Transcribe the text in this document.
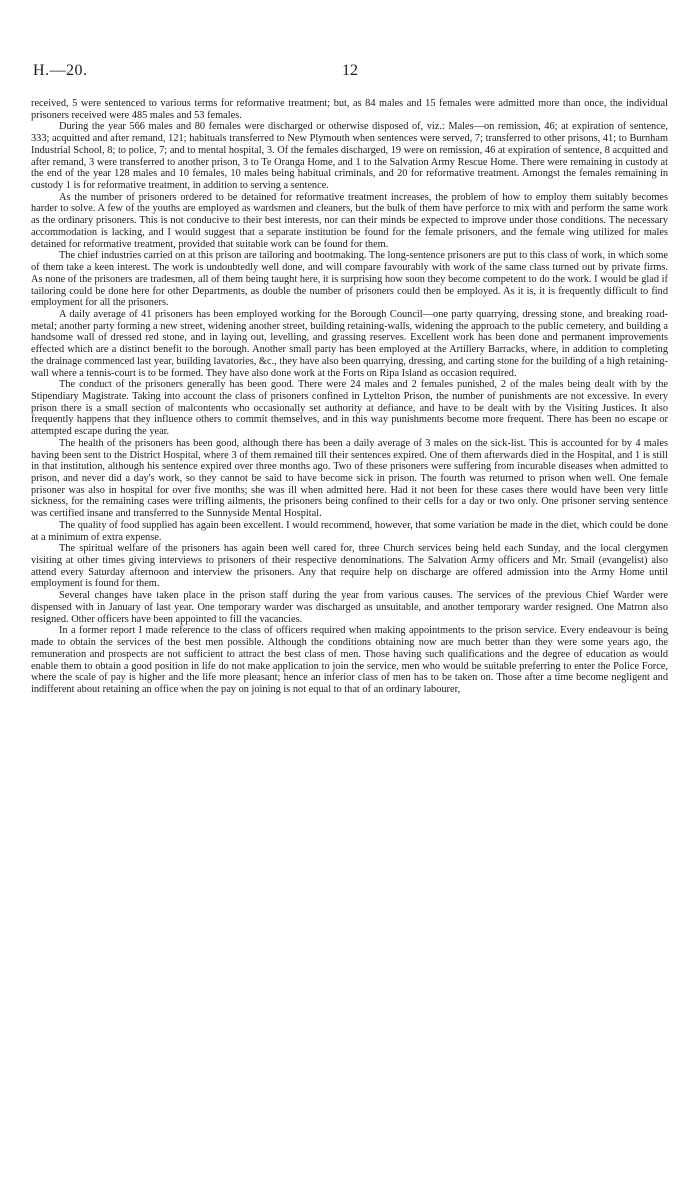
H.—20.	12

received, 5 were sentenced to various terms for reformative treatment; but, as 84 males and 15 females were admitted more than once, the individual prisoners received were 485 males and 53 females.

During the year 566 males and 80 females were discharged or otherwise disposed of, viz.: Males—on remission, 46; at expiration of sentence, 333; acquitted and after remand, 121; habituals transferred to New Plymouth when sentences were served, 7; transferred to other prisons, 41; to Burnham Industrial School, 8; to police, 7; and to mental hospital, 3. Of the females discharged, 19 were on remission, 46 at expiration of sentence, 8 acquitted and after remand, 3 were transferred to another prison, 3 to Te Oranga Home, and 1 to the Salvation Army Rescue Home. There were remaining in custody at the end of the year 128 males and 10 females, 10 males being habitual criminals, and 20 for reformative treatment. Amongst the females remaining in custody 1 is for reformative treatment, in addition to serving a sentence.

As the number of prisoners ordered to be detained for reformative treatment increases, the problem of how to employ them suitably becomes harder to solve. A few of the youths are employed as wardsmen and cleaners, but the bulk of them have perforce to mix with and perform the same work as the ordinary prisoners. This is not conducive to their best interests, nor can their minds be expected to improve under those conditions. The necessary accommodation is lacking, and I would suggest that a separate institution be found for the female prisoners, and the female wing utilized for males detained for reformative treatment, provided that suitable work can be found for them.

The chief industries carried on at this prison are tailoring and bootmaking. The long-sentence prisoners are put to this class of work, in which some of them take a keen interest. The work is undoubtedly well done, and will compare favourably with work of the same class turned out by private firms. As none of the prisoners are tradesmen, all of them being taught here, it is surprising how soon they become competent to do the work. I would be glad if tailoring could be done here for other Departments, as double the number of prisoners could then be employed. As it is, it is frequently difficult to find employment for all the prisoners.

A daily average of 41 prisoners has been employed working for the Borough Council—one party quarrying, dressing stone, and breaking road-metal; another party forming a new street, widening another street, building retaining-walls, widening the approach to the public cemetery, and building a handsome wall of dressed red stone, and in laying out, levelling, and grassing reserves. Excellent work has been done and permanent improvements effected which are a distinct benefit to the borough. Another small party has been employed at the Artillery Barracks, where, in addition to completing the drainage commenced last year, building lavatories, &c., they have also been quarrying, dressing, and carting stone for the building of a high retaining-wall where a tennis-court is to be formed. They have also done work at the Forts on Ripa Island as occasion required.

The conduct of the prisoners generally has been good. There were 24 males and 2 females punished, 2 of the males being dealt with by the Stipendiary Magistrate. Taking into account the class of prisoners confined in Lyttelton Prison, the number of punishments are not excessive. In every prison there is a small section of malcontents who occasionally set authority at defiance, and have to be dealt with by the Visiting Justices. It also frequently happens that they influence others to commit themselves, and in this way punishments become more frequent. There has been no escape or attempted escape during the year.

The health of the prisoners has been good, although there has been a daily average of 3 males on the sick-list. This is accounted for by 4 males having been sent to the District Hospital, where 3 of them remained till their sentences expired. One of them afterwards died in the Hospital, and 1 is still in that institution, although his sentence expired over three months ago. Two of these prisoners were suffering from incurable diseases when admitted to prison, and never did a day's work, so they cannot be said to have become sick in prison. The fourth was returned to prison when well. One female prisoner was also in hospital for over five months; she was ill when admitted here. Had it not been for these cases there would have been very little sickness, for the remaining cases were trifling ailments, the prisoners being confined to their cells for a day or two only. One prisoner serving sentence was certified insane and transferred to the Sunnyside Mental Hospital.

The quality of food supplied has again been excellent. I would recommend, however, that some variation be made in the diet, which could be done at a minimum of extra expense.

The spiritual welfare of the prisoners has again been well cared for, three Church services being held each Sunday, and the local clergymen visiting at other times giving interviews to prisoners of their respective denominations. The Salvation Army officers and Mr. Smail (evangelist) also attend every Saturday afternoon and interview the prisoners. Any that require help on discharge are offered admission into the Army Home until employment is found for them.

Several changes have taken place in the prison staff during the year from various causes. The services of the previous Chief Warder were dispensed with in January of last year. One temporary warder was discharged as unsuitable, and another temporary warder resigned. One Matron also resigned. Other officers have been appointed to fill the vacancies.

In a former report I made reference to the class of officers required when making appointments to the prison service. Every endeavour is being made to obtain the services of the best men possible. Although the conditions obtaining now are much better than they were some years ago, the remuneration and prospects are not sufficient to attract the best class of men. Those having such qualifications and the degree of education as would enable them to obtain a good position in life do not make application to join the service, men who would be suitable preferring to enter the Police Force, where the scale of pay is higher and the life more pleasant; hence an inferior class of men has to be taken on. Those after a time become negligent and indifferent about retaining an office when the pay on joining is not equal to that of an ordinary labourer,
